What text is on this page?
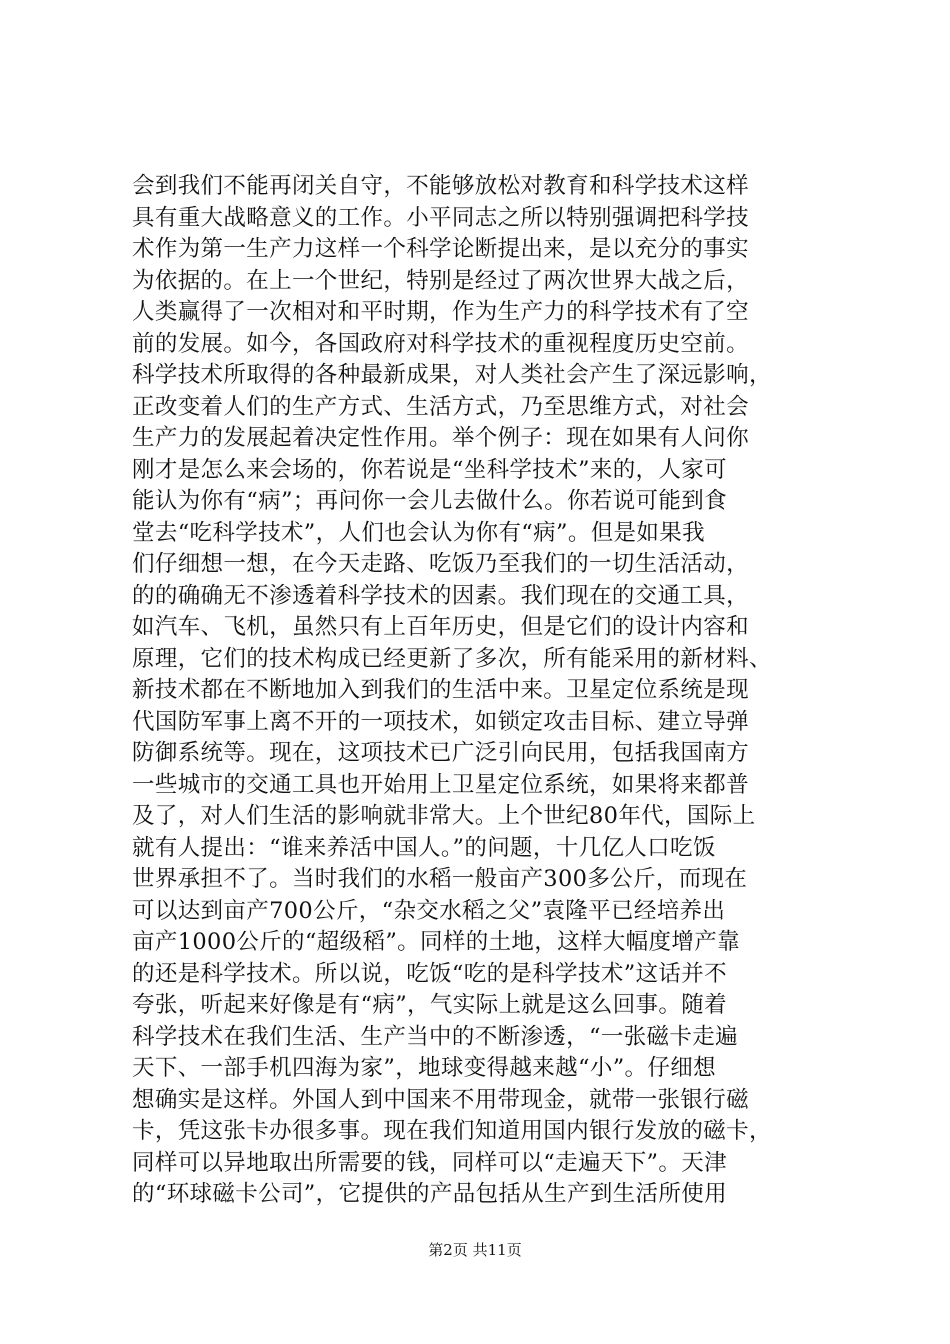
会到我们不能再闭关自守，不能够放松对教育和科学技术这样
具有重大战略意义的工作。小平同志之所以特别强调把科学技
术作为第一生产力这样一个科学论断提出来，是以充分的事实
为依据的。在上一个世纪，特别是经过了两次世界大战之后，
人类赢得了一次相对和平时期，作为生产力的科学技术有了空
前的发展。如今，各国政府对科学技术的重视程度历史空前。
科学技术所取得的各种最新成果，对人类社会产生了深远影响，
正改变着人们的生产方式、生活方式，乃至思维方式，对社会
生产力的发展起着决定性作用。举个例子：现在如果有人问你
刚才是怎么来会场的，你若说是“坐科学技术”来的，人家可
能认为你有“病”；再问你一会儿去做什么。你若说可能到食
堂去“吃科学技术”，人们也会认为你有“病”。但是如果我
们仔细想一想，在今天走路、吃饭乃至我们的一切生活活动，
的的确确无不渗透着科学技术的因素。我们现在的交通工具，
如汽车、飞机，虽然只有上百年历史，但是它们的设计内容和
原理，它们的技术构成已经更新了多次，所有能采用的新材料、
新技术都在不断地加入到我们的生活中来。卫星定位系统是现
代国防军事上离不开的一项技术，如锁定攻击目标、建立导弹
防御系统等。现在，这项技术已广泛引向民用，包括我国南方
一些城市的交通工具也开始用上卫星定位系统，如果将来都普
及了，对人们生活的影响就非常大。上个世纪80年代，国际上
就有人提出：“谁来养活中国人。”的问题，十几亿人口吃饭
世界承担不了。当时我们的水稻一般亩产300多公斤，而现在
可以达到亩产700公斤，“杂交水稻之父”袁隆平已经培养出
亩产1000公斤的“超级稻”。同样的土地，这样大幅度增产靠
的还是科学技术。所以说，吃饭“吃的是科学技术”这话并不
夸张，听起来好像是有“病”，气实际上就是这么回事。随着
科学技术在我们生活、生产当中的不断渗透，“一张磁卡走遍
天下、一部手机四海为家”，地球变得越来越“小”。仔细想
想确实是这样。外国人到中国来不用带现金，就带一张银行磁
卡，凭这张卡办很多事。现在我们知道用国内银行发放的磁卡，
同样可以异地取出所需要的钱，同样可以“走遍天下”。天津
的“环球磁卡公司”，它提供的产品包括从生产到生活所使用
第2页 共11页
